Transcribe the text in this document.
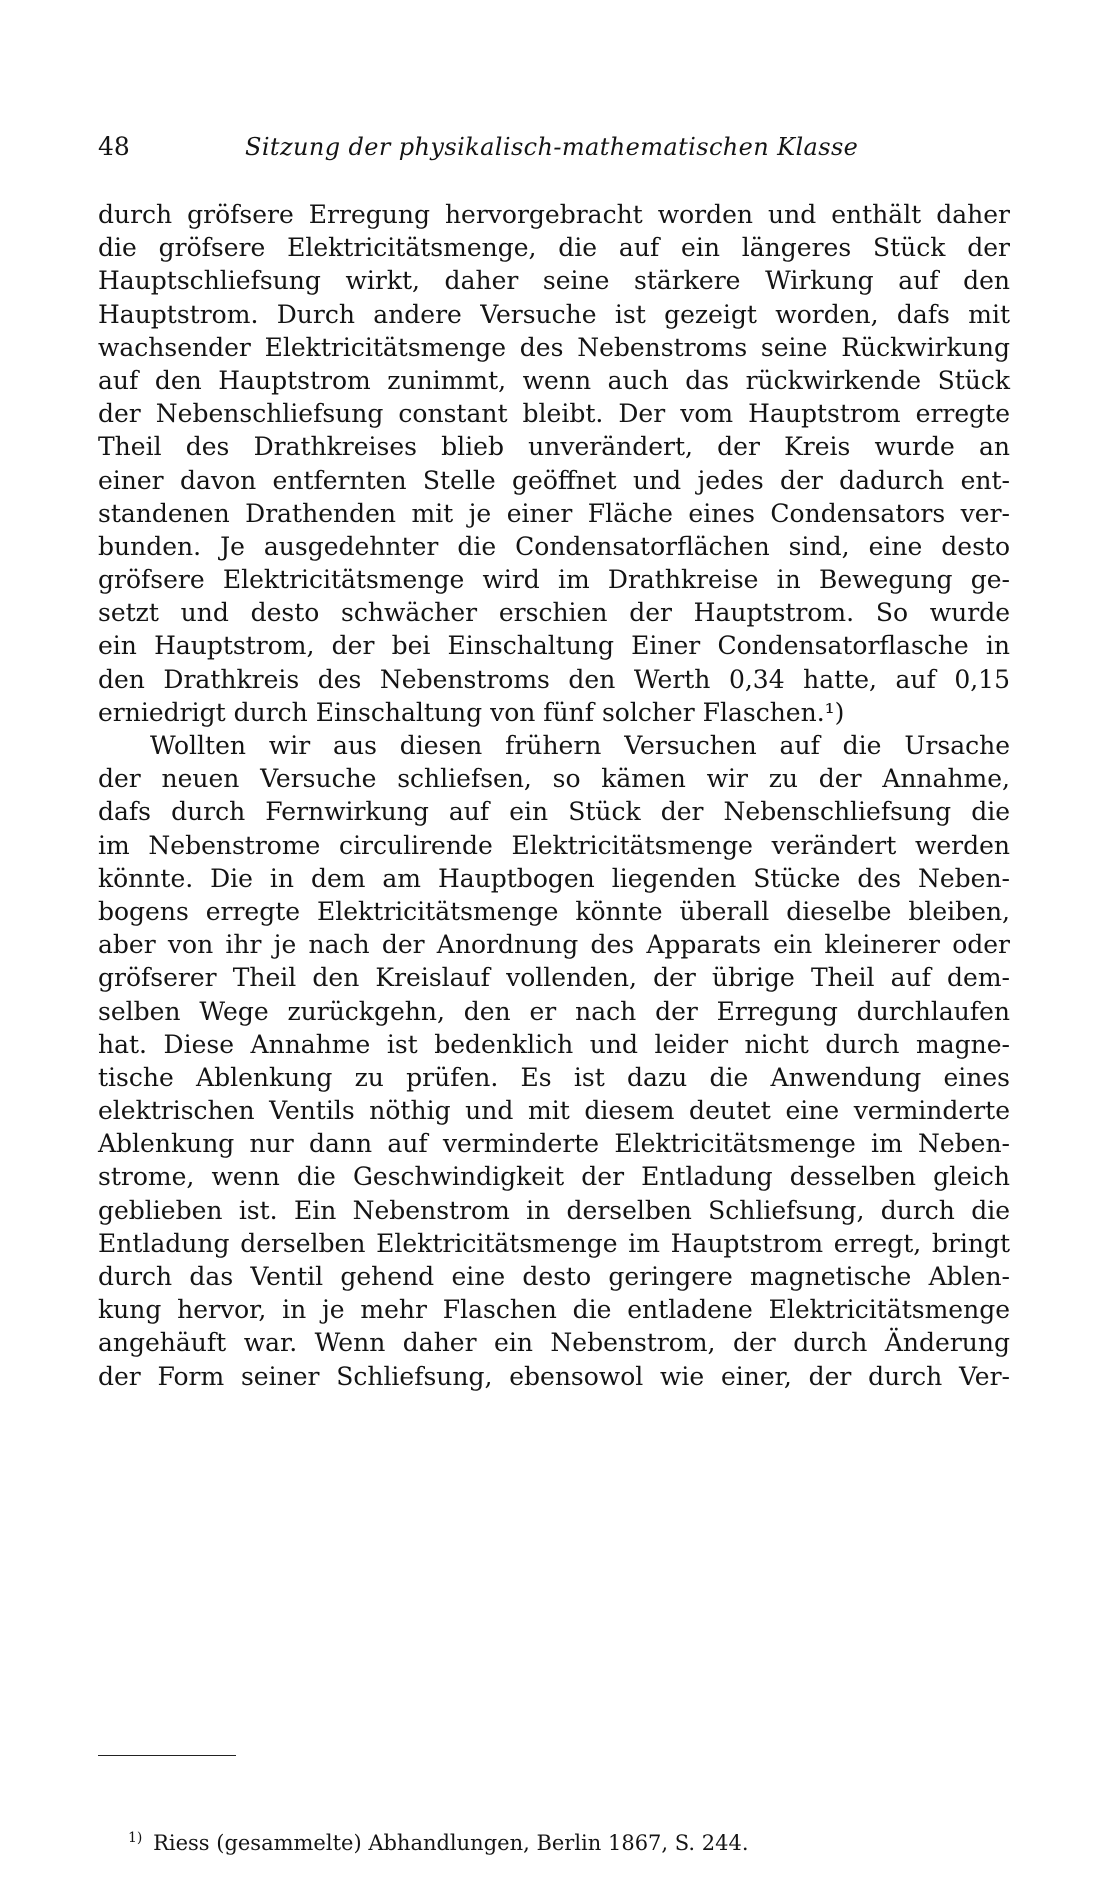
48	Sitzung der physikalisch-mathematischen Klasse
durch gröfsere Erregung hervorgebracht worden und enthält daher
die gröfsere Elektricitätsmenge, die auf ein längeres Stück der
Hauptschliefsung wirkt, daher seine stärkere Wirkung auf den
Hauptstrom. Durch andere Versuche ist gezeigt worden, dafs mit
wachsender Elektricitätsmenge des Nebenstroms seine Rückwirkung
auf den Hauptstrom zunimmt, wenn auch das rückwirkende Stück
der Nebenschliefsung constant bleibt. Der vom Hauptstrom erregte
Theil des Drathkreises blieb unverändert, der Kreis wurde an
einer davon entfernten Stelle geöffnet und jedes der dadurch ent-
standenen Drathenden mit je einer Fläche eines Condensators ver-
bunden. Je ausgedehnter die Condensatorflächen sind, eine desto
gröfsere Elektricitätsmenge wird im Drathkreise in Bewegung ge-
setzt und desto schwächer erschien der Hauptstrom. So wurde
ein Hauptstrom, der bei Einschaltung Einer Condensatorflasche in
den Drathkreis des Nebenstroms den Werth 0,34 hatte, auf 0,15
erniedrigt durch Einschaltung von fünf solcher Flaschen.¹)
Wollten wir aus diesen frühern Versuchen auf die Ursache
der neuen Versuche schliefsen, so kämen wir zu der Annahme,
dafs durch Fernwirkung auf ein Stück der Nebenschliefsung die
im Nebenstrome circulirende Elektricitätsmenge verändert werden
könnte. Die in dem am Hauptbogen liegenden Stücke des Neben-
bogens erregte Elektricitätsmenge könnte überall dieselbe bleiben,
aber von ihr je nach der Anordnung des Apparats ein kleinerer oder
gröfserer Theil den Kreislauf vollenden, der übrige Theil auf dem-
selben Wege zurückgehn, den er nach der Erregung durchlaufen
hat. Diese Annahme ist bedenklich und leider nicht durch magne-
tische Ablenkung zu prüfen. Es ist dazu die Anwendung eines
elektrischen Ventils nöthig und mit diesem deutet eine verminderte
Ablenkung nur dann auf verminderte Elektricitätsmenge im Neben-
strome, wenn die Geschwindigkeit der Entladung desselben gleich
geblieben ist. Ein Nebenstrom in derselben Schliefsung, durch die
Entladung derselben Elektricitätsmenge im Hauptstrom erregt, bringt
durch das Ventil gehend eine desto geringere magnetische Ablen-
kung hervor, in je mehr Flaschen die entladene Elektricitätsmenge
angehäuft war. Wenn daher ein Nebenstrom, der durch Änderung
der Form seiner Schliefsung, ebensowol wie einer, der durch Ver-
$^{1)}$ Riess (gesammelte) Abhandlungen, Berlin 1867, S. 244.
